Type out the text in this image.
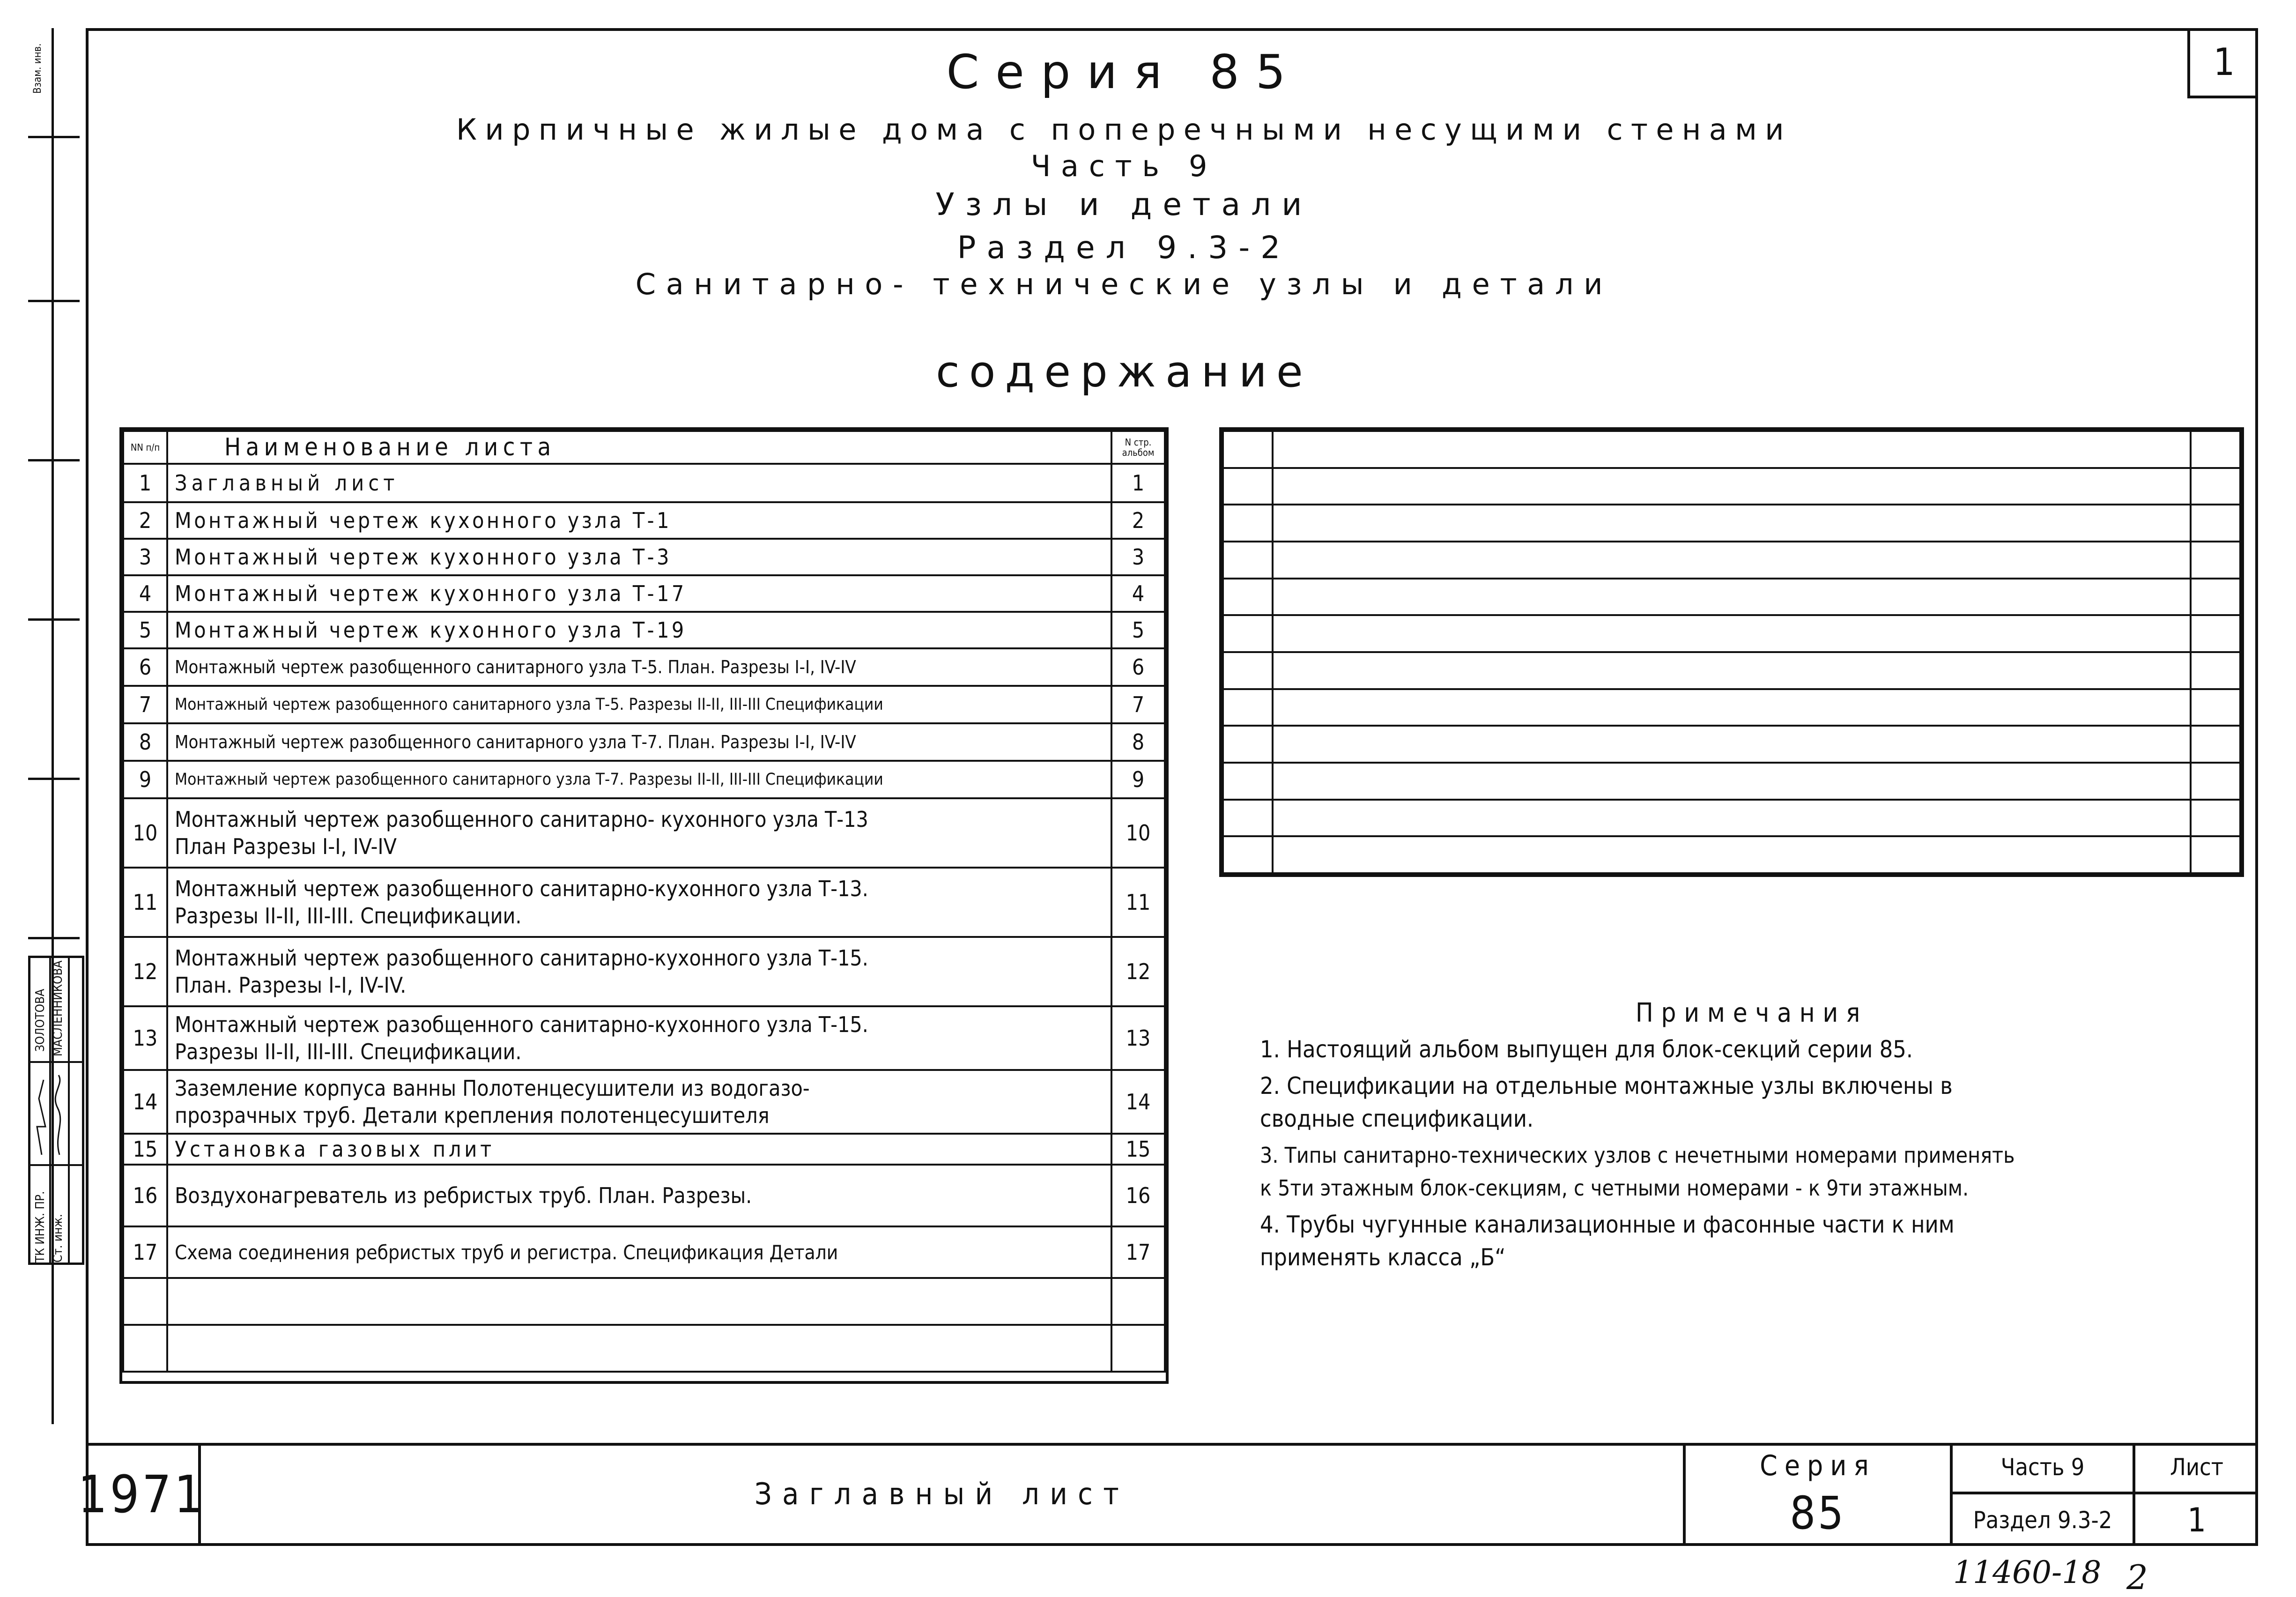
Взам. инв.
ТК ИНЖ. ПР. Ст. инж.
ЗОЛОТОВА МАСЛЕННИКОВА
1
Серия 85
Кирпичные жилые дома с поперечными несущими стенами
Часть 9
Узлы и детали
Раздел 9.3-2
Санитарно- технические узлы и детали
содержание
NN п/п	Наименование листа	N стр. альбом
1	Заглавный лист	1
2	Монтажный чертеж кухонного узла Т-1	2
3	Монтажный чертеж кухонного узла Т-3	3
4	Монтажный чертеж кухонного узла Т-17	4
5	Монтажный чертеж кухонного узла Т-19	5
6	Монтажный чертеж разобщенного санитарного узла Т-5. План. Разрезы I-I, IV-IV	6
7	Монтажный чертеж разобщенного санитарного узла Т-5. Разрезы II-II, III-III Спецификации	7
8	Монтажный чертеж разобщенного санитарного узла Т-7. План. Разрезы I-I, IV-IV	8
9	Монтажный чертеж разобщенного санитарного узла Т-7. Разрезы II-II, III-III Спецификации	9
10	Монтажный чертеж разобщенного санитарно- кухонного узла Т-13
План Разрезы I-I, IV-IV	10
11	Монтажный чертеж разобщенного санитарно-кухонного узла Т-13.
Разрезы II-II, III-III. Спецификации.	11
12	Монтажный чертеж разобщенного санитарно-кухонного узла Т-15.
План. Разрезы I-I, IV-IV.	12
13	Монтажный чертеж разобщенного санитарно-кухонного узла Т-15.
Разрезы II-II, III-III. Спецификации.	13
14	Заземление корпуса ванны Полотенцесушители из водогазо-
прозрачных труб. Детали крепления полотенцесушителя	14
15	Установка газовых плит	15
16	Воздухонагреватель из ребристых труб. План. Разрезы.	16
17	Схема соединения ребристых труб и регистра. Спецификация Детали	17

Примечания
1. Настоящий альбом выпущен для блок-секций серии 85.
2. Спецификации на отдельные монтажные узлы включены в
сводные спецификации.
3. Типы санитарно-технических узлов с нечетными номерами применять
к 5ти этажным блок-секциям, с четными номерами - к 9ти этажным.
4. Трубы чугунные канализационные и фасонные части к ним
применять класса „Б“
1971	Заглавный лист
Серия
85
Часть 9
Раздел 9.3-2
Лист
1
11460-18 2
